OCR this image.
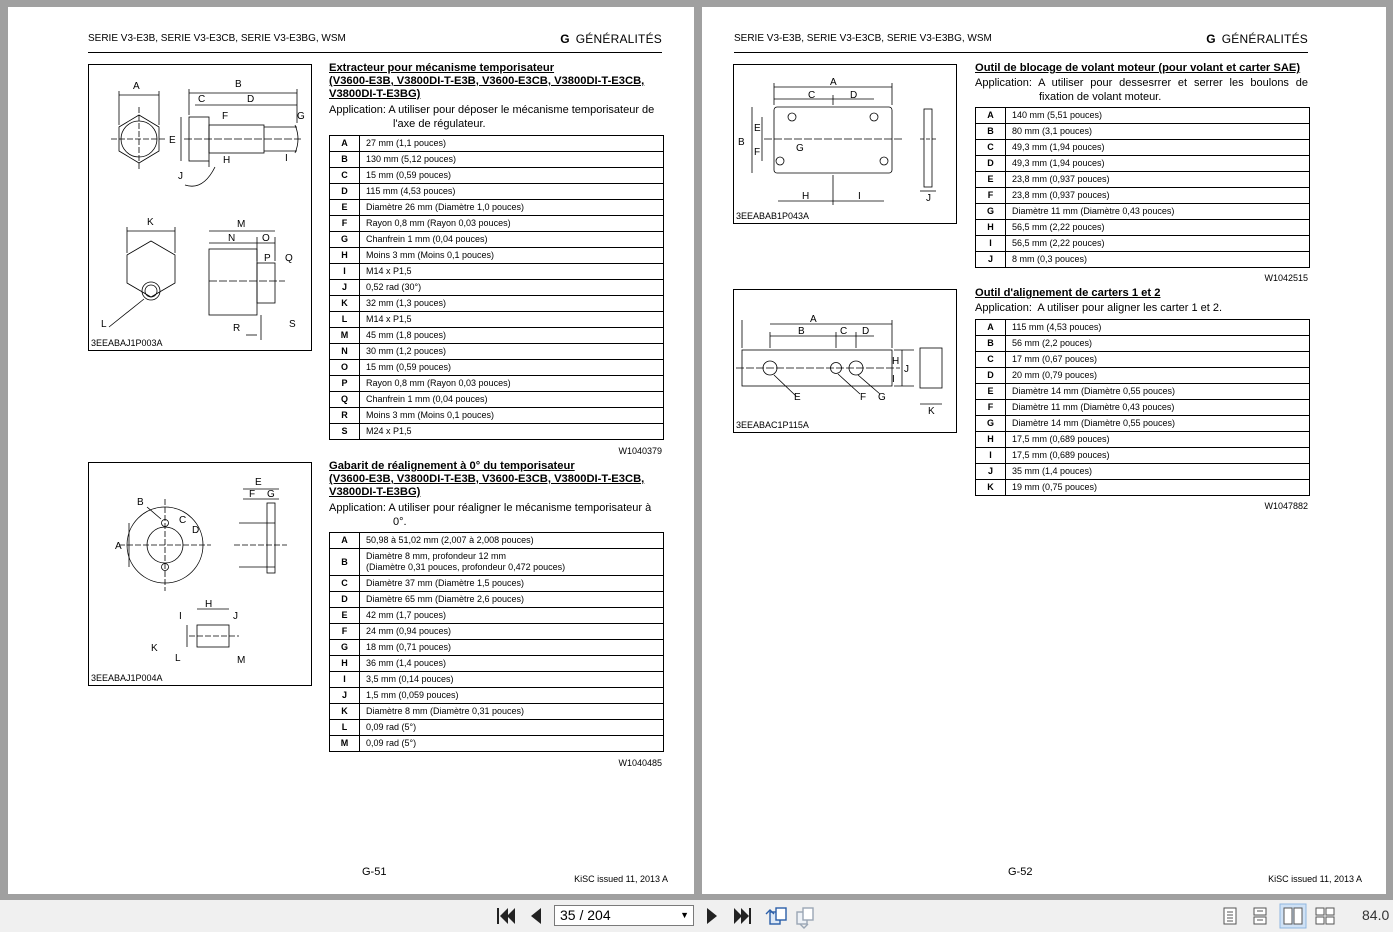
SERIE V3-E3B, SERIE V3-E3CB, SERIE V3-E3BG, WSM	G GÉNÉRALITÉS
A	B
C	D
E
F	G
H	I
J
K
L
M
N	O
P Q
R	S
3EEABAJ1P003A
Extracteur pour mécanisme temporisateur
(V3600-E3B, V3800DI-T-E3B, V3600-E3CB, V3800DI-T-E3CB,
V3800DI-T-E3BG)
Application: A utiliser pour déposer le mécanisme temporisateur de
l'axe de régulateur.
A	27 mm (1,1 pouces)
B	130 mm (5,12 pouces)
C	15 mm (0,59 pouces)
D	115 mm (4,53 pouces)
E	Diamètre 26 mm (Diamètre 1,0 pouces)
F	Rayon 0,8 mm (Rayon 0,03 pouces)
G	Chanfrein 1 mm (0,04 pouces)
H	Moins 3 mm (Moins 0,1 pouces)
I	M14 x P1,5
J	0,52 rad (30°)
K	32 mm (1,3 pouces)
L	M14 x P1,5
M	45 mm (1,8 pouces)
N	30 mm (1,2 pouces)
O	15 mm (0,59 pouces)
P	Rayon 0,8 mm (Rayon 0,03 pouces)
Q	Chanfrein 1 mm (0,04 pouces)
R	Moins 3 mm (Moins 0,1 pouces)
S	M24 x P1,5
W1040379
B
C
D
A
E
F G
H
I	J
K
L	M
3EEABAJ1P004A
Gabarit de réalignement à 0° du temporisateur
(V3600-E3B, V3800DI-T-E3B, V3600-E3CB, V3800DI-T-E3CB,
V3800DI-T-E3BG)
Application: A utiliser pour réaligner le mécanisme temporisateur à
0°.
A	50,98 à 51,02 mm (2,007 à 2,008 pouces)
B	Diamètre 8 mm, profondeur 12 mm
(Diamètre 0,31 pouces, profondeur 0,472 pouces)

C	Diamètre 37 mm (Diamètre 1,5 pouces)
D	Diamètre 65 mm (Diamètre 2,6 pouces)
E	42 mm (1,7 pouces)
F	24 mm (0,94 pouces)
G	18 mm (0,71 pouces)
H	36 mm (1,4 pouces)
I	3,5 mm (0,14 pouces)
J	1,5 mm (0,059 pouces)
K	Diamètre 8 mm (Diamètre 0,31 pouces)
L	0,09 rad (5°)
M	0,09 rad (5°)
W1040485
G-51
KiSC issued 11, 2013 A
SERIE V3-E3B, SERIE V3-E3CB, SERIE V3-E3BG, WSM	G GÉNÉRALITÉS
A
C	D
B
E
F	G
H	I	J
3EEABAB1P043A
Outil de blocage de volant moteur (pour volant et carter SAE)
Application: A utiliser pour dessesrrer et serrer les boulons de
fixation de volant moteur.
A	140 mm (5,51 pouces)
B	80 mm (3,1 pouces)
C	49,3 mm (1,94 pouces)
D	49,3 mm (1,94 pouces)
E	23,8 mm (0,937 pouces)
F	23,8 mm (0,937 pouces)
G	Diamètre 11 mm (Diamètre 0,43 pouces)
H	56,5 mm (2,22 pouces)
I	56,5 mm (2,22 pouces)
J	8 mm (0,3 pouces)
W1042515
A
B	C D
H
I
J
E	F G
K
3EEABAC1P115A
Outil d'alignement de carters 1 et 2
Application: A utiliser pour aligner les carter 1 et 2.
A	115 mm (4,53 pouces)
B	56 mm (2,2 pouces)
C	17 mm (0,67 pouces)
D	20 mm (0,79 pouces)
E	Diamètre 14 mm (Diamètre 0,55 pouces)
F	Diamètre 11 mm (Diamètre 0,43 pouces)
G	Diamètre 14 mm (Diamètre 0,55 pouces)
H	17,5 mm (0,689 pouces)
I	17,5 mm (0,689 pouces)
J	35 mm (1,4 pouces)
K	19 mm (0,75 pouces)
W1047882
G-52
KiSC issued 11, 2013 A
35 / 204	▼	84.0
